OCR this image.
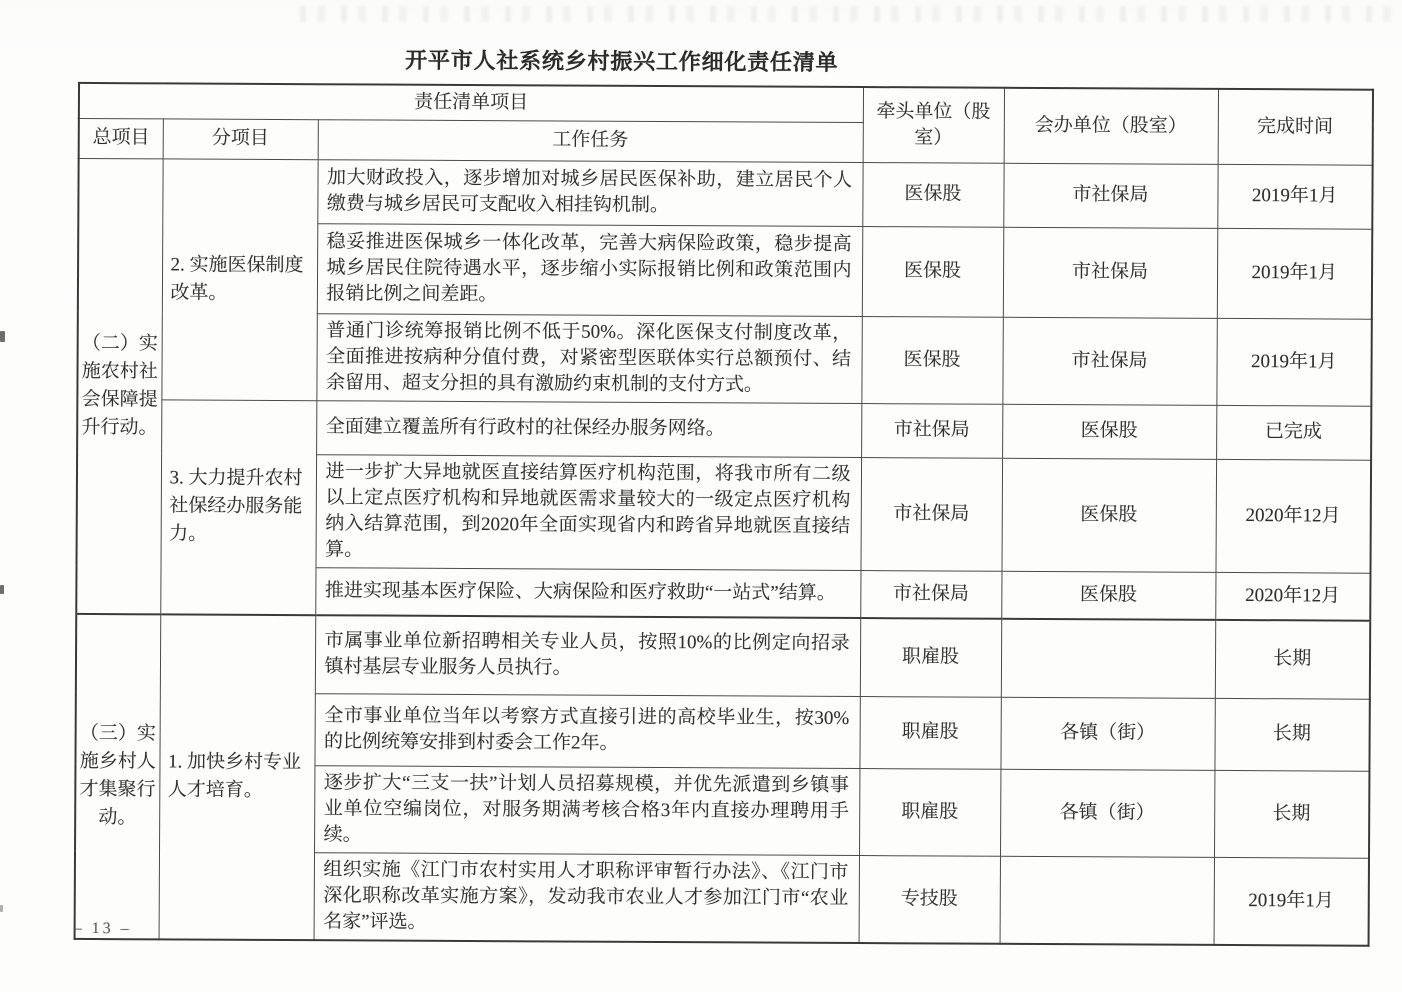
开平市人社系统乡村振兴工作细化责任清单
责任清单项目			牵头单位（股室）	会办单位（股室）	完成时间
总项目	分项目	工作任务			
（二）实施农村社会保障提升行动。	2. 实施医保制度改革。	加大财政投入，逐步增加对城乡居民医保补助，建立居民个人缴费与城乡居民可支配收入相挂钩机制。	医保股	市社保局	2019年1月
		稳妥推进医保城乡一体化改革，完善大病保险政策，稳步提高城乡居民住院待遇水平，逐步缩小实际报销比例和政策范围内报销比例之间差距。	医保股	市社保局	2019年1月
		普通门诊统筹报销比例不低于50%。深化医保支付制度改革，全面推进按病种分值付费，对紧密型医联体实行总额预付、结余留用、超支分担的具有激励约束机制的支付方式。	医保股	市社保局	2019年1月
	3. 大力提升农村社保经办服务能力。	全面建立覆盖所有行政村的社保经办服务网络。	市社保局	医保股	已完成
		进一步扩大异地就医直接结算医疗机构范围，将我市所有二级以上定点医疗机构和异地就医需求量较大的一级定点医疗机构纳入结算范围，到2020年全面实现省内和跨省异地就医直接结算。	市社保局	医保股	2020年12月
		推进实现基本医疗保险、大病保险和医疗救助“一站式”结算。	市社保局	医保股	2020年12月
（三）实施乡村人才集聚行动。	1. 加快乡村专业人才培育。	市属事业单位新招聘相关专业人员，按照10%的比例定向招录镇村基层专业服务人员执行。	职雇股		长期
		全市事业单位当年以考察方式直接引进的高校毕业生，按30%的比例统筹安排到村委会工作2年。	职雇股	各镇（街）	长期
		逐步扩大“三支一扶”计划人员招募规模，并优先派遣到乡镇事业单位空编岗位，对服务期满考核合格3年内直接办理聘用手续。	职雇股	各镇（街）	长期
		组织实施《江门市农村实用人才职称评审暂行办法》、《江门市深化职称改革实施方案》，发动我市农业人才参加江门市“农业名家”评选。	专技股		2019年1月
– 13 –
